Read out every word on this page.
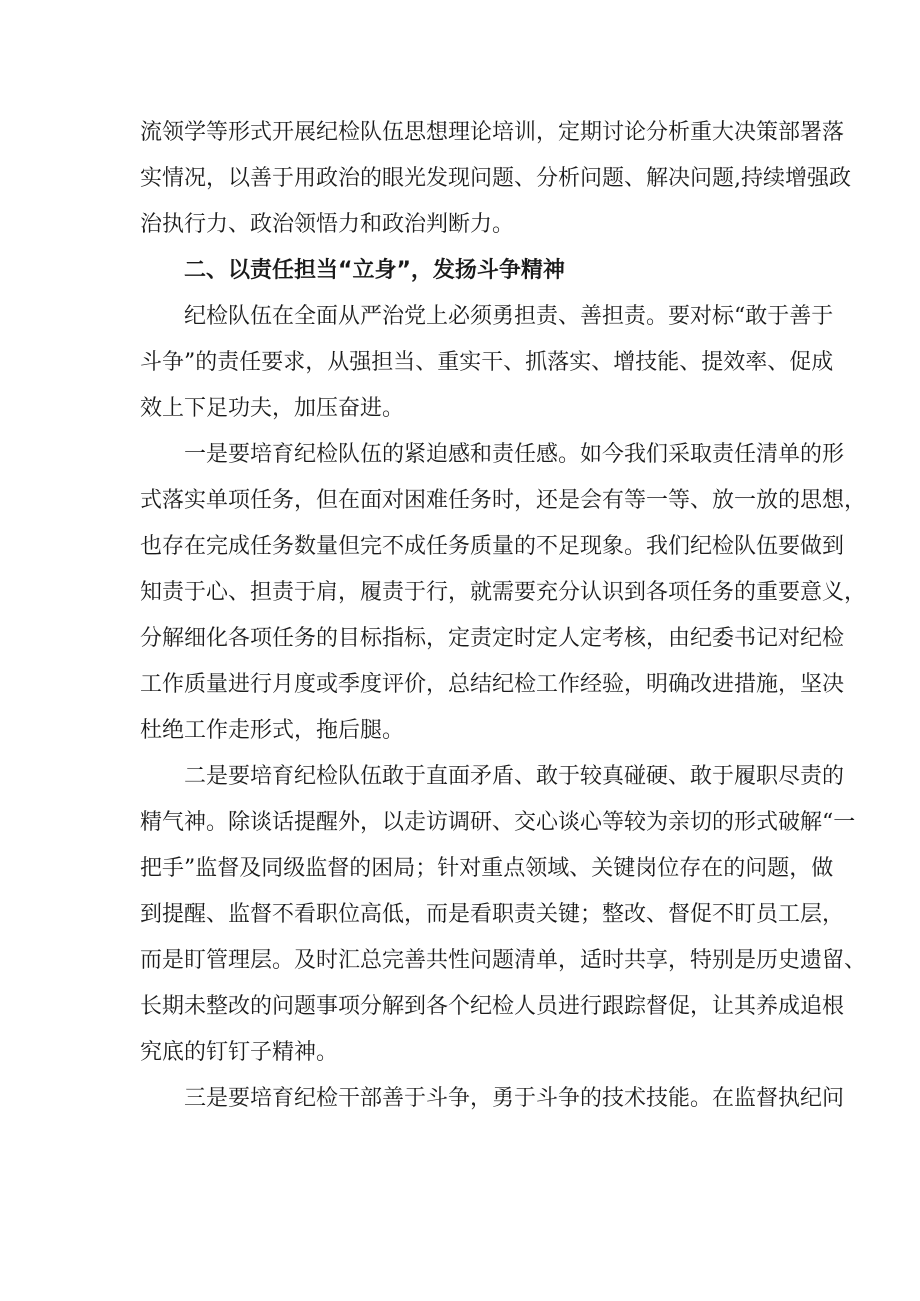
流领学等形式开展纪检队伍思想理论培训，定期讨论分析重大决策部署落
实情况，以善于用政治的眼光发现问题、分析问题、解决问题,持续增强政
治执行力、政治领悟力和政治判断力。
二、以责任担当“立身”，发扬斗争精神
纪检队伍在全面从严治党上必须勇担责、善担责。要对标“敢于善于
斗争”的责任要求，从强担当、重实干、抓落实、增技能、提效率、促成
效上下足功夫，加压奋进。
一是要培育纪检队伍的紧迫感和责任感。如今我们采取责任清单的形
式落实单项任务，但在面对困难任务时，还是会有等一等、放一放的思想，
也存在完成任务数量但完不成任务质量的不足现象。我们纪检队伍要做到
知责于心、担责于肩，履责于行，就需要充分认识到各项任务的重要意义，
分解细化各项任务的目标指标，定责定时定人定考核，由纪委书记对纪检
工作质量进行月度或季度评价，总结纪检工作经验，明确改进措施，坚决
杜绝工作走形式，拖后腿。
二是要培育纪检队伍敢于直面矛盾、敢于较真碰硬、敢于履职尽责的
精气神。除谈话提醒外，以走访调研、交心谈心等较为亲切的形式破解“一
把手”监督及同级监督的困局；针对重点领域、关键岗位存在的问题，做
到提醒、监督不看职位高低，而是看职责关键；整改、督促不盯员工层，
而是盯管理层。及时汇总完善共性问题清单，适时共享，特别是历史遗留、
长期未整改的问题事项分解到各个纪检人员进行跟踪督促，让其养成追根
究底的钉钉子精神。
三是要培育纪检干部善于斗争，勇于斗争的技术技能。在监督执纪问
